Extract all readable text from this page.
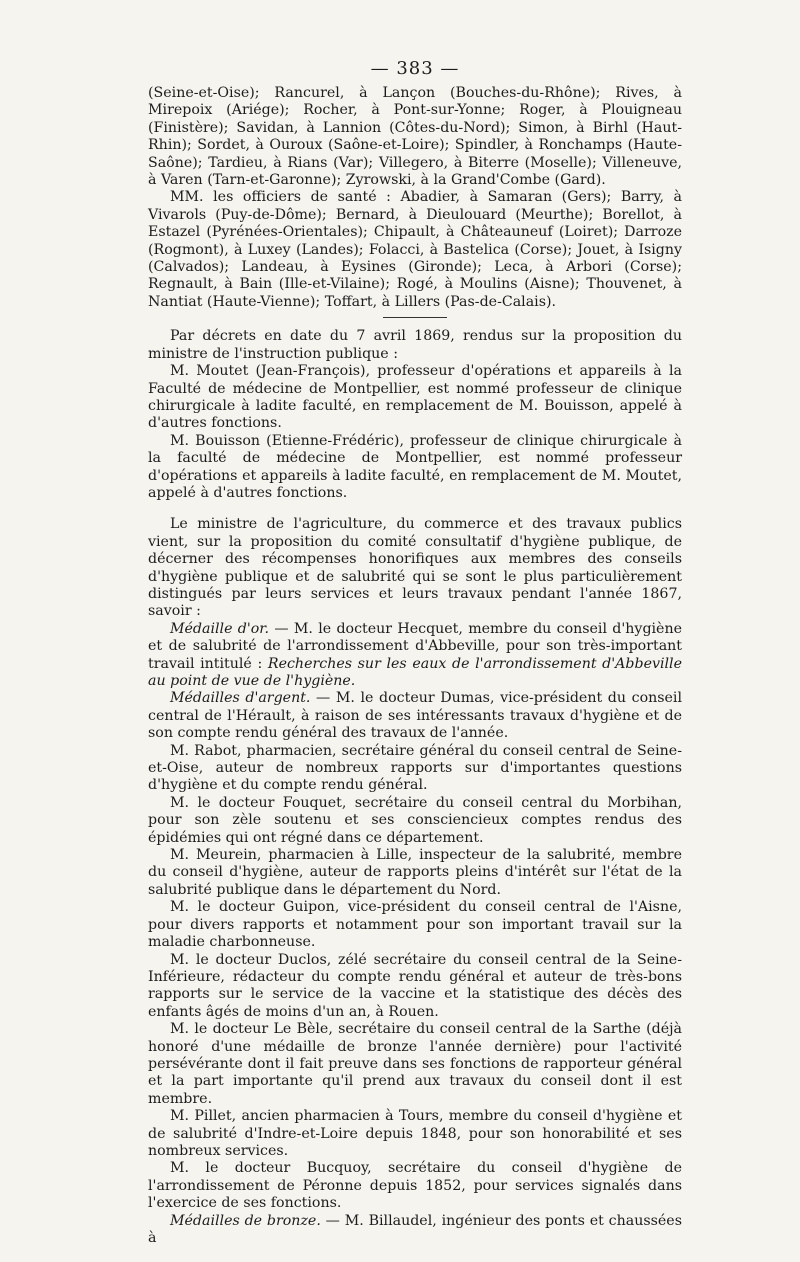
— 383 —

(Seine-et-Oise); Rancurel, à Lançon (Bouches-du-Rhône); Rives, à Mirepoix (Ariége); Rocher, à Pont-sur-Yonne; Roger, à Plouigneau (Finistère); Savidan, à Lannion (Côtes-du-Nord); Simon, à Birhl (Haut-Rhin); Sordet, à Ouroux (Saône-et-Loire); Spindler, à Ronchamps (Haute-Saône); Tardieu, à Rians (Var); Villegero, à Biterre (Moselle); Villeneuve, à Varen (Tarn-et-Garonne); Zyrowski, à la Grand'Combe (Gard).

MM. les officiers de santé : Abadier, à Samaran (Gers); Barry, à Vivarols (Puy-de-Dôme); Bernard, à Dieulouard (Meurthe); Borellot, à Estazel (Pyrénées-Orientales); Chipault, à Châteauneuf (Loiret); Darroze (Rogmont), à Luxey (Landes); Folacci, à Bastelica (Corse); Jouet, à Isigny (Calvados); Landeau, à Eysines (Gironde); Leca, à Arbori (Corse); Regnault, à Bain (Ille-et-Vilaine); Rogé, à Moulins (Aisne); Thouvenet, à Nantiat (Haute-Vienne); Toffart, à Lillers (Pas-de-Calais).

Par décrets en date du 7 avril 1869, rendus sur la proposition du ministre de l'instruction publique :

M. Moutet (Jean-François), professeur d'opérations et appareils à la Faculté de médecine de Montpellier, est nommé professeur de clinique chirurgicale à ladite faculté, en remplacement de M. Bouisson, appelé à d'autres fonctions.

M. Bouisson (Etienne-Frédéric), professeur de clinique chirurgicale à la faculté de médecine de Montpellier, est nommé professeur d'opérations et appareils à ladite faculté, en remplacement de M. Moutet, appelé à d'autres fonctions.

Le ministre de l'agriculture, du commerce et des travaux publics vient, sur la proposition du comité consultatif d'hygiène publique, de décerner des récompenses honorifiques aux membres des conseils d'hygiène publique et de salubrité qui se sont le plus particulièrement distingués par leurs services et leurs travaux pendant l'année 1867, savoir :

Médaille d'or. — M. le docteur Hecquet, membre du conseil d'hygiène et de salubrité de l'arrondissement d'Abbeville, pour son très-important travail intitulé : Recherches sur les eaux de l'arrondissement d'Abbeville au point de vue de l'hygiène.

Médailles d'argent. — M. le docteur Dumas, vice-président du conseil central de l'Hérault, à raison de ses intéressants travaux d'hygiène et de son compte rendu général des travaux de l'année.

M. Rabot, pharmacien, secrétaire général du conseil central de Seine-et-Oise, auteur de nombreux rapports sur d'importantes questions d'hygiène et du compte rendu général.

M. le docteur Fouquet, secrétaire du conseil central du Morbihan, pour son zèle soutenu et ses consciencieux comptes rendus des épidémies qui ont régné dans ce département.

M. Meurein, pharmacien à Lille, inspecteur de la salubrité, membre du conseil d'hygiène, auteur de rapports pleins d'intérêt sur l'état de la salubrité publique dans le département du Nord.

M. le docteur Guipon, vice-président du conseil central de l'Aisne, pour divers rapports et notamment pour son important travail sur la maladie charbonneuse.

M. le docteur Duclos, zélé secrétaire du conseil central de la Seine-Inférieure, rédacteur du compte rendu général et auteur de très-bons rapports sur le service de la vaccine et la statistique des décès des enfants âgés de moins d'un an, à Rouen.

M. le docteur Le Bèle, secrétaire du conseil central de la Sarthe (déjà honoré d'une médaille de bronze l'année dernière) pour l'activité persévérante dont il fait preuve dans ses fonctions de rapporteur général et la part importante qu'il prend aux travaux du conseil dont il est membre.

M. Pillet, ancien pharmacien à Tours, membre du conseil d'hygiène et de salubrité d'Indre-et-Loire depuis 1848, pour son honorabilité et ses nombreux services.

M. le docteur Bucquoy, secrétaire du conseil d'hygiène de l'arrondissement de Péronne depuis 1852, pour services signalés dans l'exercice de ses fonctions.

Médailles de bronze. — M. Billaudel, ingénieur des ponts et chaussées à
